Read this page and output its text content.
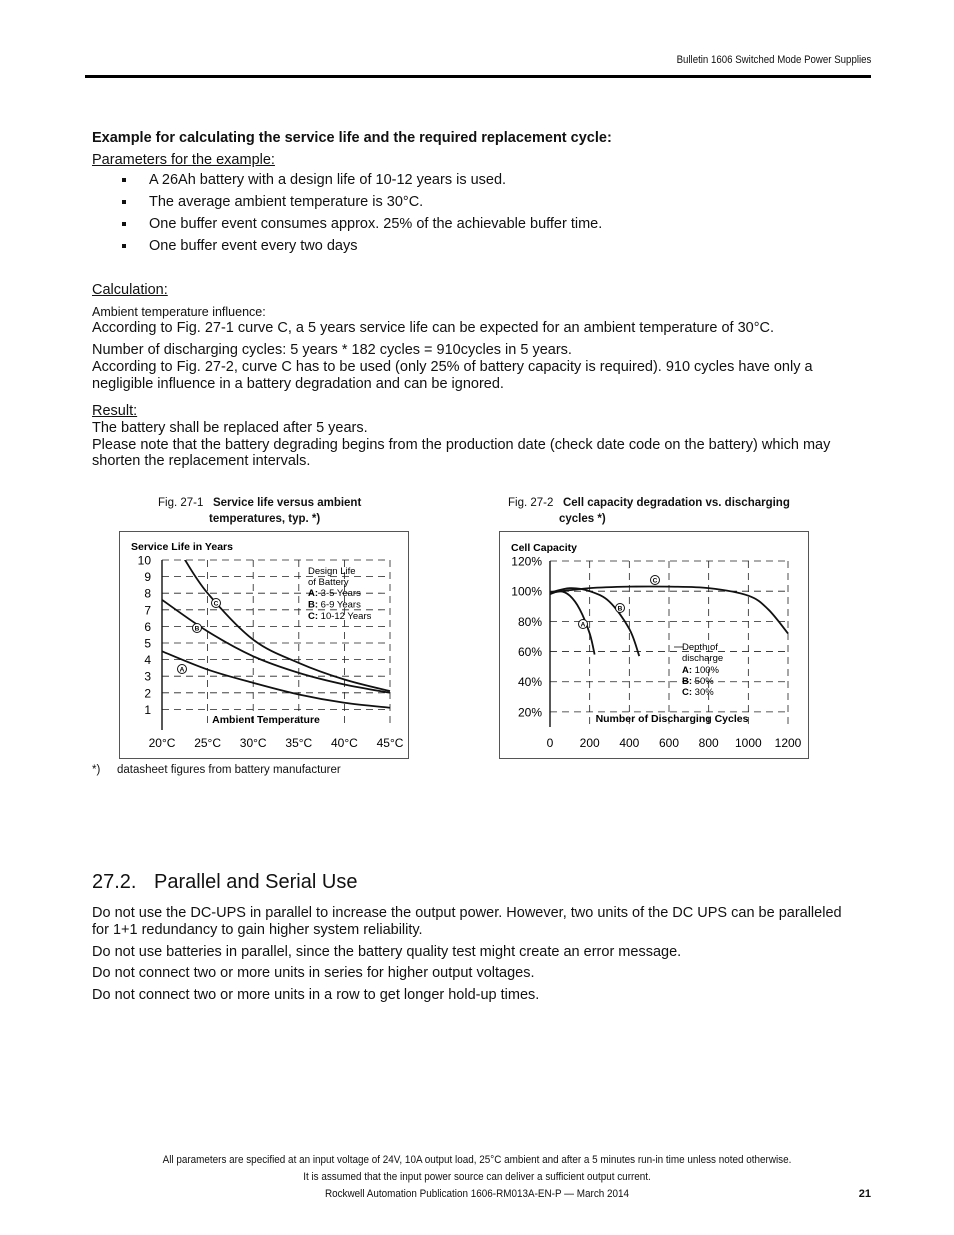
Bulletin 1606 Switched Mode Power Supplies
Example for calculating the service life and the required replacement cycle:
Parameters for the example:
A 26Ah battery with a design life of 10-12 years is used.
The average ambient temperature is 30°C.
One buffer event consumes approx. 25% of the achievable buffer time.
One buffer event every two days
Calculation:
Ambient temperature influence:
According to Fig. 27-1 curve C, a 5 years service life can be expected for an ambient temperature of 30°C.
Number of discharging cycles: 5 years * 182 cycles = 910cycles in 5 years.
According to Fig. 27-2, curve C has to be used (only 25% of battery capacity is required). 910 cycles have only a
negligible influence in a battery degradation and can be ignored.
Result:
The battery shall be replaced after 5 years.
Please note that the battery degrading begins from the production date (check date code on the battery) which may
shorten the replacement intervals.
Fig. 27-1 Service life versus ambient
temperatures, typ. *)
Fig. 27-2 Cell capacity degradation vs. discharging
cycles *)
Service Life in Years
1
2
3
4
5
6
7
8
9
10
20°C 25°C 30°C 35°C 40°C 45°C
Ambient Temperature
Design Life
of Battery
A: 3-5 Years
B: 6-9 Years
C: 10-12 Years
A
B
C
Cell Capacity
20%
40%
60%
80%
100%
120%
0 200 400 600 800 1000 1200
Number of Discharging Cycles
Depth of
discharge
A: 100%
B: 50%
C: 30%
A
B
C
*) datasheet figures from battery manufacturer
27.2. Parallel and Serial Use
Do not use the DC-UPS in parallel to increase the output power. However, two units of the DC UPS can be paralleled
for 1+1 redundancy to gain higher system reliability.
Do not use batteries in parallel, since the battery quality test might create an error message.
Do not connect two or more units in series for higher output voltages.
Do not connect two or more units in a row to get longer hold-up times.
All parameters are specified at an input voltage of 24V, 10A output load, 25°C ambient and after a 5 minutes run-in time unless noted otherwise.
It is assumed that the input power source can deliver a sufficient output current.
Rockwell Automation Publication 1606-RM013A-EN-P — March 2014	21
